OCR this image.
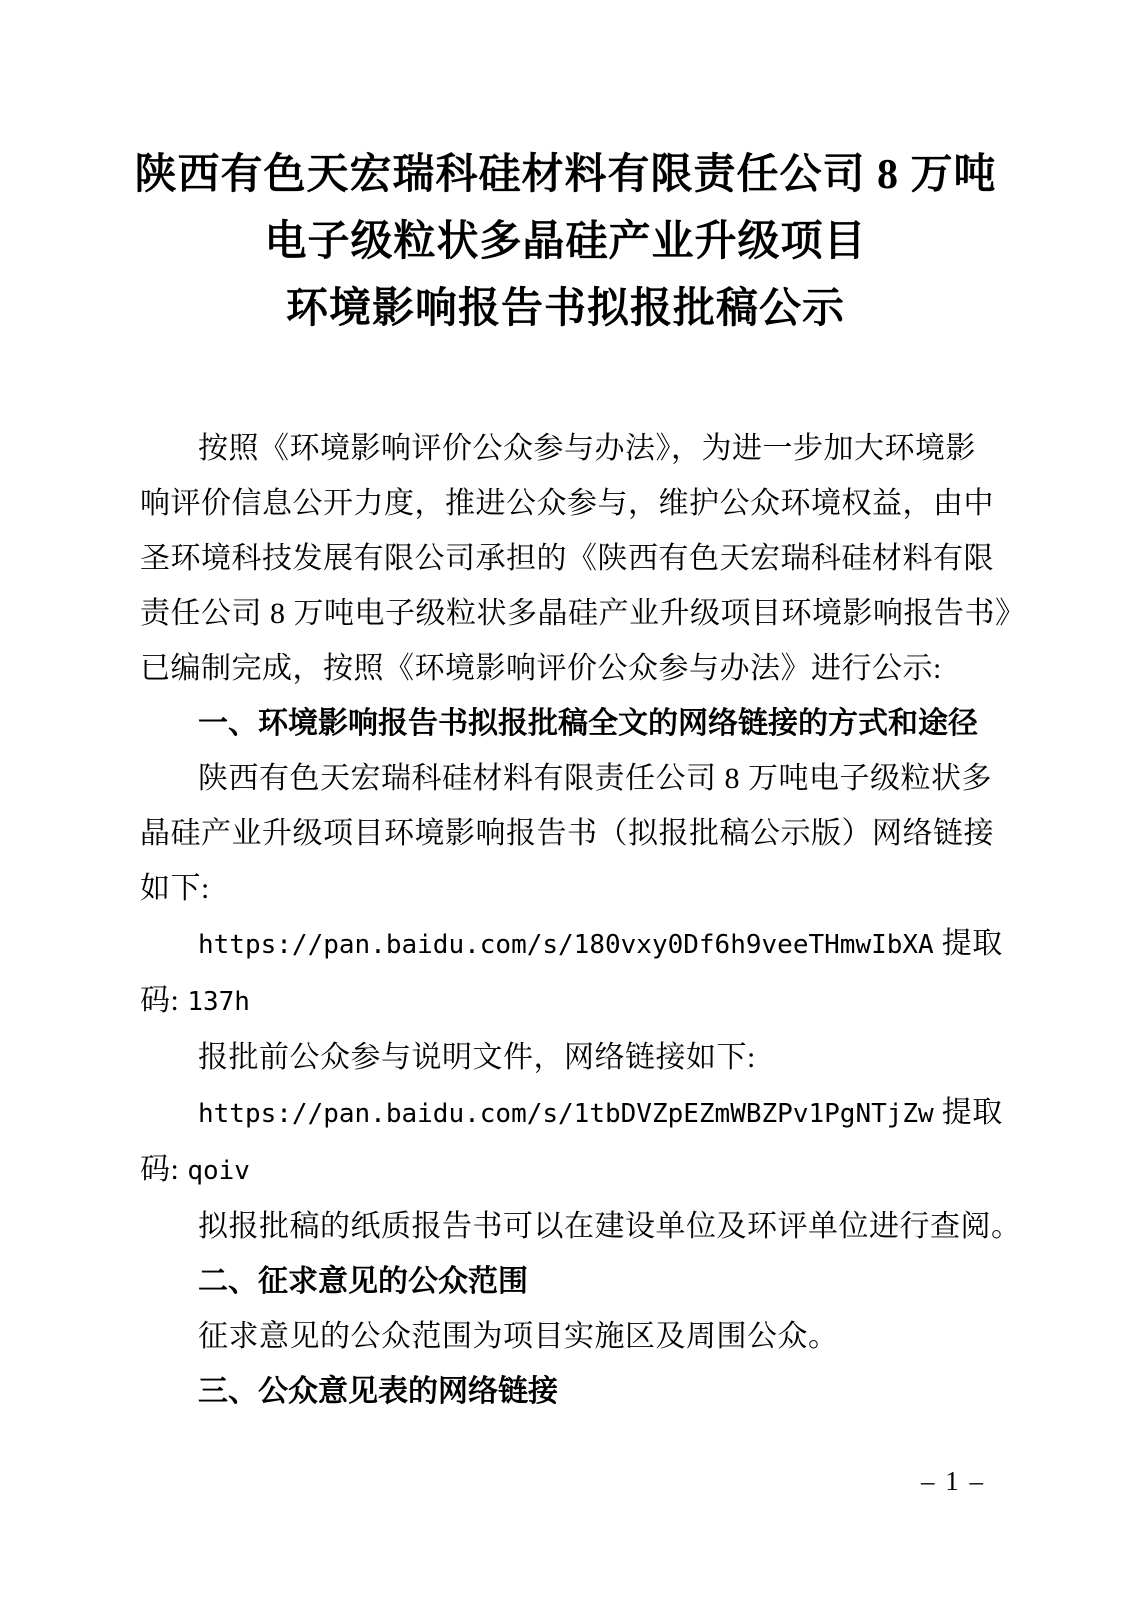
陕西有色天宏瑞科硅材料有限责任公司 8 万吨
电子级粒状多晶硅产业升级项目
环境影响报告书拟报批稿公示
按照《环境影响评价公众参与办法》，为进一步加大环境影
响评价信息公开力度，推进公众参与，维护公众环境权益，由中
圣环境科技发展有限公司承担的《陕西有色天宏瑞科硅材料有限
责任公司 8 万吨电子级粒状多晶硅产业升级项目环境影响报告书》
已编制完成，按照《环境影响评价公众参与办法》进行公示:
一、环境影响报告书拟报批稿全文的网络链接的方式和途径
陕西有色天宏瑞科硅材料有限责任公司 8 万吨电子级粒状多
晶硅产业升级项目环境影响报告书（拟报批稿公示版）网络链接
如下:
https://pan.baidu.com/s/180vxy0Df6h9veeTHmwIbXA 提取
码: 137h
报批前公众参与说明文件，网络链接如下:
https://pan.baidu.com/s/1tbDVZpEZmWBZPv1PgNTjZw 提取
码: qoiv
拟报批稿的纸质报告书可以在建设单位及环评单位进行查阅。
二、征求意见的公众范围
征求意见的公众范围为项目实施区及周围公众。
三、公众意见表的网络链接
– 1 –
